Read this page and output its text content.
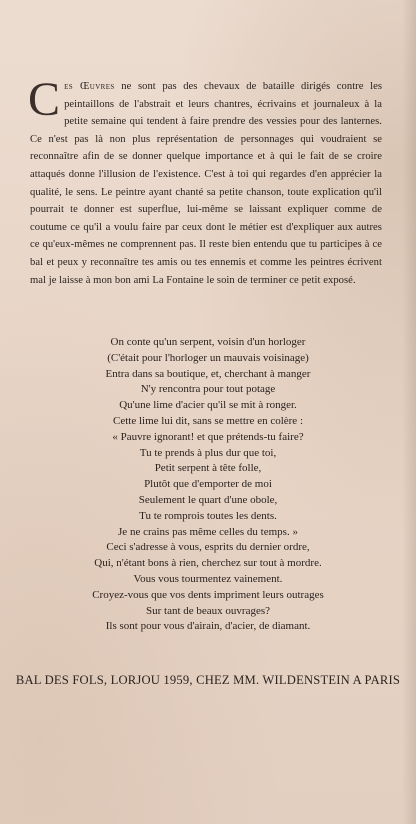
Ces Œuvres ne sont pas des chevaux de bataille dirigés contre les peintaillons de l'abstrait et leurs chantres, écrivains et journaleux à la petite semaine qui tendent à faire prendre des vessies pour des lanternes. Ce n'est pas là non plus représentation de personnages qui voudraient se reconnaître afin de se donner quelque importance et à qui le fait de se croire attaqués donne l'illusion de l'existence. C'est à toi qui regardes d'en apprécier la qualité, le sens. Le peintre ayant chanté sa petite chanson, toute explication qu'il pourrait te donner est superflue, lui-même se laissant expliquer comme de coutume ce qu'il a voulu faire par ceux dont le métier est d'expliquer aux autres ce qu'eux-mêmes ne comprennent pas. Il reste bien entendu que tu participes à ce bal et peux y reconnaître tes amis ou tes ennemis et comme les peintres écrivent mal je laisse à mon bon ami La Fontaine le soin de terminer ce petit exposé.
On conte qu'un serpent, voisin d'un horloger
(C'était pour l'horloger un mauvais voisinage)
Entra dans sa boutique, et, cherchant à manger
N'y rencontra pour tout potage
Qu'une lime d'acier qu'il se mit à ronger.
Cette lime lui dit, sans se mettre en colère :
« Pauvre ignorant! et que prétends-tu faire?
Tu te prends à plus dur que toi,
Petit serpent à tête folle,
Plutôt que d'emporter de moi
Seulement le quart d'une obole,
Tu te romprois toutes les dents.
Je ne crains pas même celles du temps. »
Ceci s'adresse à vous, esprits du dernier ordre,
Qui, n'étant bons à rien, cherchez sur tout à mordre.
Vous vous tourmentez vainement.
Croyez-vous que vos dents impriment leurs outrages
Sur tant de beaux ouvrages?
Ils sont pour vous d'airain, d'acier, de diamant.
BAL DES FOLS, LORJOU 1959, CHEZ MM. WILDENSTEIN A PARIS
